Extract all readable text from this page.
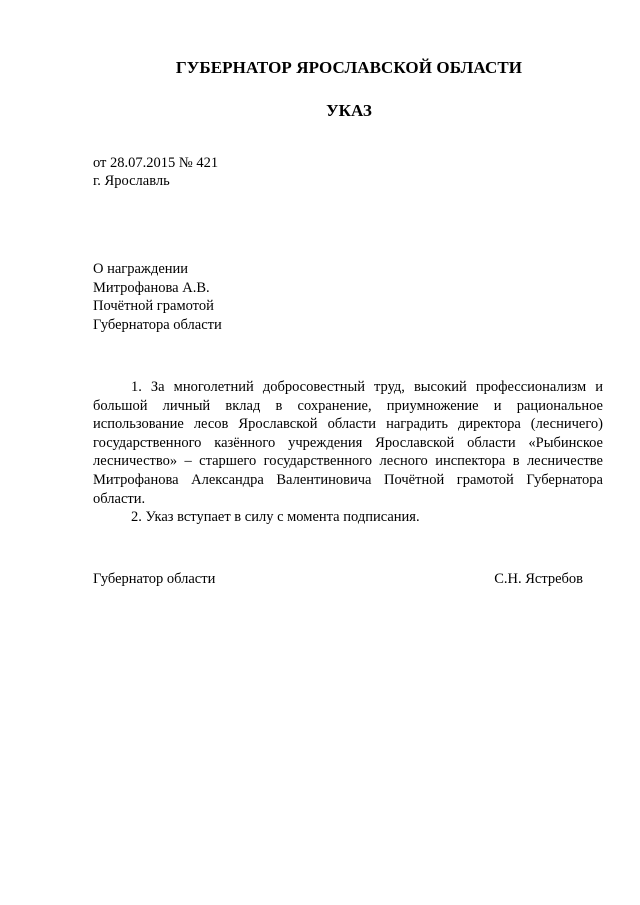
ГУБЕРНАТОР ЯРОСЛАВСКОЙ ОБЛАСТИ
УКАЗ
от 28.07.2015 № 421
г. Ярославль
О награждении
Митрофанова А.В.
Почётной грамотой
Губернатора области

1. За многолетний добросовестный труд, высокий профессионализм и большой личный вклад в сохранение, приумножение и рациональное использование лесов Ярославской области наградить директора (лесничего) государственного казённого учреждения Ярославской области «Рыбинское лесничество» – старшего государственного лесного инспектора в лесничестве Митрофанова Александра Валентиновича Почётной грамотой Губернатора области.

2. Указ вступает в силу с момента подписания.

Губернатор области	С.Н. Ястребов
